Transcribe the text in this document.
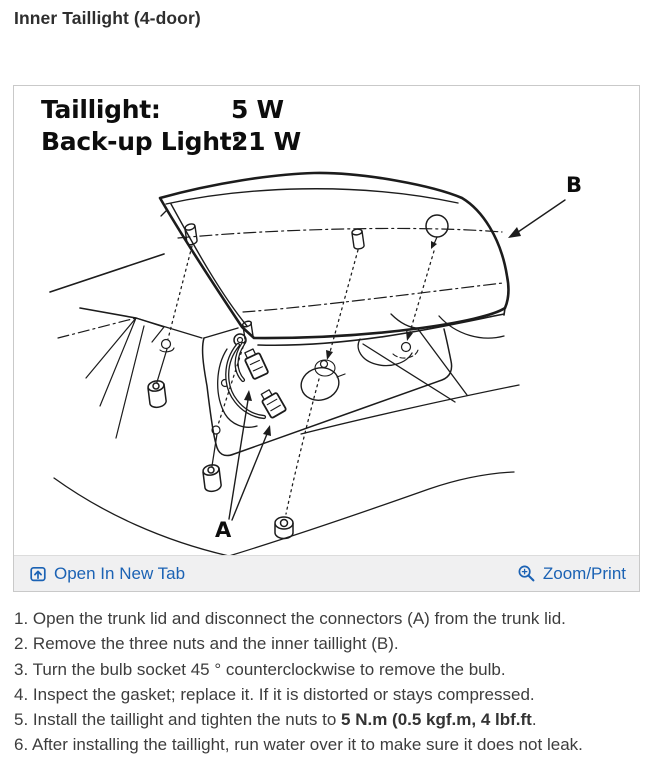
Inner Taillight (4-door)
Taillight:	5 W
Back-up Light:
21 W
A
B
Open In New Tab	Zoom/Print
1. Open the trunk lid and disconnect the connectors (A) from the trunk lid.
2. Remove the three nuts and the inner taillight (B).
3. Turn the bulb socket 45 ° counterclockwise to remove the bulb.
4. Inspect the gasket; replace it. If it is distorted or stays compressed.
5. Install the taillight and tighten the nuts to 5 N.m (0.5 kgf.m, 4 lbf.ft.
6. After installing the taillight, run water over it to make sure it does not leak.
